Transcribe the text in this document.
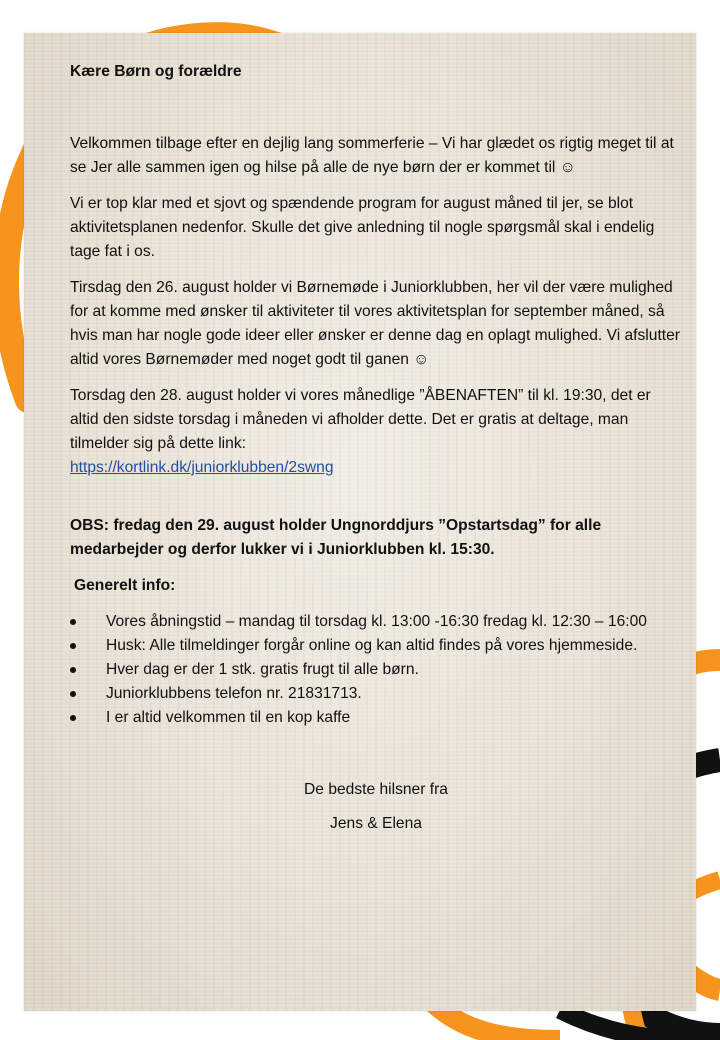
Kære Børn og forældre

Velkommen tilbage efter en dejlig lang sommerferie – Vi har glædet os rigtig meget til at se Jer alle sammen igen og hilse på alle de nye børn der er kommet til ☺

Vi er top klar med et sjovt og spændende program for august måned til jer, se blot aktivitetsplanen nedenfor. Skulle det give anledning til nogle spørgsmål skal i endelig tage fat i os.

Tirsdag den 26. august holder vi Børnemøde i Juniorklubben, her vil der være mulighed for at komme med ønsker til aktiviteter til vores aktivitetsplan for september måned, så hvis man har nogle gode ideer eller ønsker er denne dag en oplagt mulighed. Vi afslutter altid vores Børnemøder med noget godt til ganen ☺

Torsdag den 28. august holder vi vores månedlige ”ÅBENAFTEN” til kl. 19:30, det er altid den sidste torsdag i måneden vi afholder dette. Det er gratis at deltage, man tilmelder sig på dette link:

https://kortlink.dk/juniorklubben/2swng

OBS: fredag den 29. august holder Ungnorddjurs ”Opstartsdag” for alle medarbejder og derfor lukker vi i Juniorklubben kl. 15:30.

Generelt info:

Vores åbningstid – mandag til torsdag kl. 13:00 -16:30 fredag kl. 12:30 – 16:00
Husk: Alle tilmeldinger forgår online og kan altid findes på vores hjemmeside.
Hver dag er der 1 stk. gratis frugt til alle børn.
Juniorklubbens telefon nr. 21831713.
I er altid velkommen til en kop kaffe

De bedste hilsner fra

Jens & Elena
